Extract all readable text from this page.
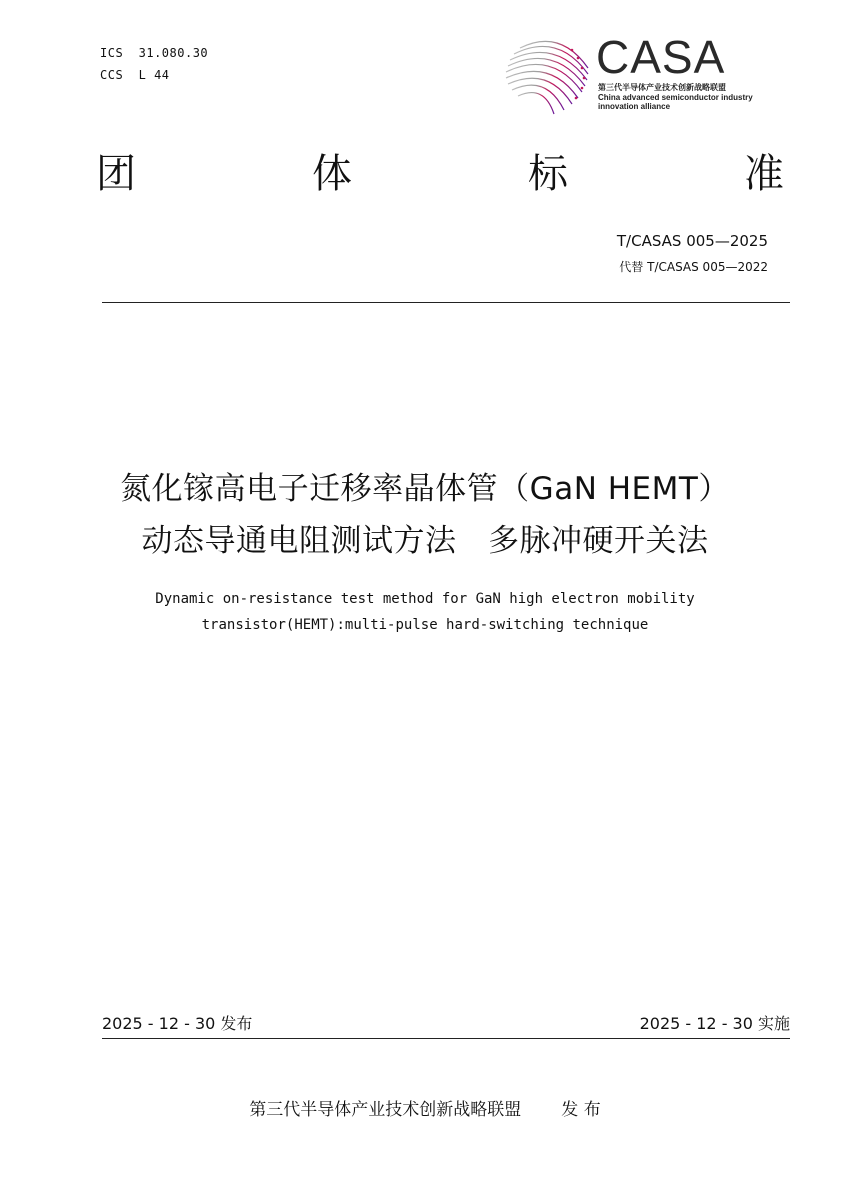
ICS  31.080.30
CCS  L 44	CASA
第三代半导体产业技术创新战略联盟
China advanced semiconductor industry
innovation alliance
团	体	标	准
T/CASAS 005—2025
代替 T/CASAS 005—2022
氮化镓高电子迁移率晶体管（GaN HEMT）
动态导通电阻测试方法　多脉冲硬开关法
Dynamic on-resistance test method for GaN high electron mobility
transistor(HEMT):multi-pulse hard-switching technique
2025 - 12 - 30 发布	2025 - 12 - 30 实施
第三代半导体产业技术创新战略联盟 发 布
